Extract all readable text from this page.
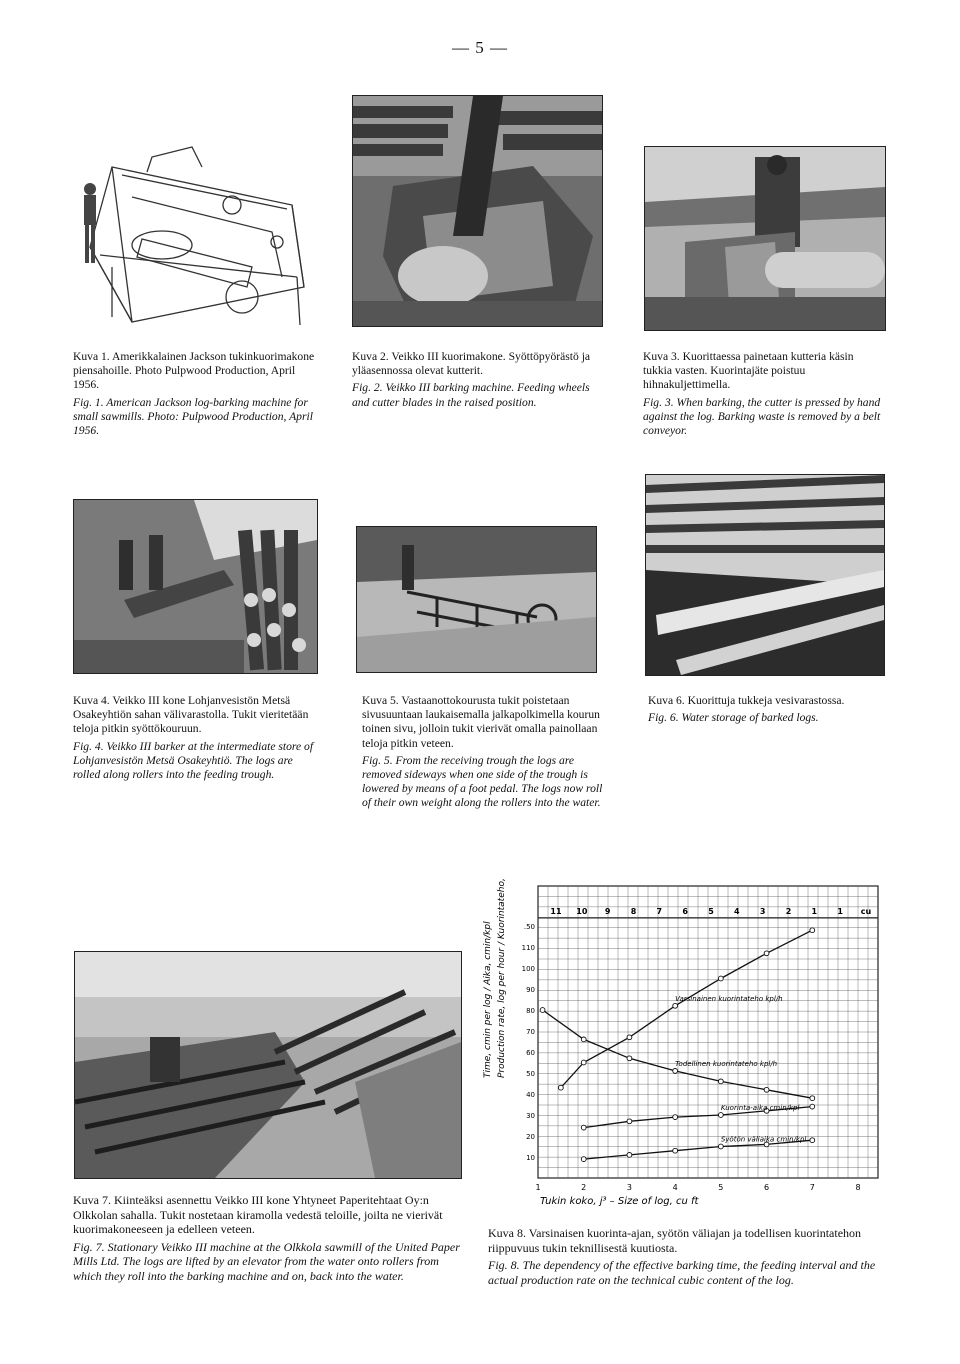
— 5 —

Kuva 1. Amerikkalainen Jackson tukinkuorimakone piensahoille. Photo Pulpwood Production, April 1956.

Fig. 1. American Jackson log-barking machine for small sawmills. Photo: Pulpwood Production, April 1956.

Kuva 2. Veikko III kuorimakone. Syöttöpyörästö ja yläasennossa olevat kutterit.

Fig. 2. Veikko III barking machine. Feeding wheels and cutter blades in the raised position.

Kuva 3. Kuorittaessa painetaan kutteria käsin tukkia vasten. Kuorintajäte poistuu hihnakuljettimella.

Fig. 3. When barking, the cutter is pressed by hand against the log. Barking waste is removed by a belt conveyor.

Kuva 4. Veikko III kone Lohjanvesistön Metsä Osakeyhtiön sahan välivarastolla. Tukit vieritetään teloja pitkin syöttökouruun.

Fig. 4. Veikko III barker at the intermediate store of Lohjanvesistön Metsä Osakeyhtiö. The logs are rolled along rollers into the feeding trough.

Kuva 5. Vastaanottokourusta tukit poistetaan sivusuuntaan laukaisemalla jalkapolkimella kourun toinen sivu, jolloin tukit vierivät omalla painollaan teloja pitkin veteen.

Fig. 5. From the receiving trough the logs are removed sideways when one side of the trough is lowered by means of a foot pedal. The logs now roll of their own weight along the rollers into the water.

Kuva 6. Kuorittuja tukkeja vesivarastossa.

Fig. 6. Water storage of barked logs.

Kuva 7. Kiinteäksi asennettu Veikko III kone Yhtyneet Paperitehtaat Oy:n Olkkolan sahalla. Tukit nostetaan kiramolla vedestä teloille, joilta ne vierivät kuorimakoneeseen ja edelleen veteen.

Fig. 7. Stationary Veikko III machine at the Olkkola sawmill of the United Paper Mills Ltd. The logs are lifted by an elevator from the water onto rollers from which they roll into the barking machine and on, back into the water.

Time, cmin per log / Aika, cmin/kpl Production rate, log per hour / Kuorintateho, kpl/h
Tukin koko, j³ – Size of log, cu ft
11 10 9	8	7	6	5	4	3	2	1	1 cu
.50
110
100
90
80
70
60
50
40
30
20
10
1	2	3	4	5	6	7	8
Varsinainen kuorintateho kpl/h
Todellinen kuorintateho kpl/h
Syötön väliaika cmin/kpl
Kuorinta-aika cmin/kpl

Kuva 8. Varsinaisen kuorinta-ajan, syötön väliajan ja todellisen kuorintatehon riippuvuus tukin teknillisestä kuutiosta.

Fig. 8. The dependency of the effective barking time, the feeding interval and the actual production rate on the technical cubic content of the log.
